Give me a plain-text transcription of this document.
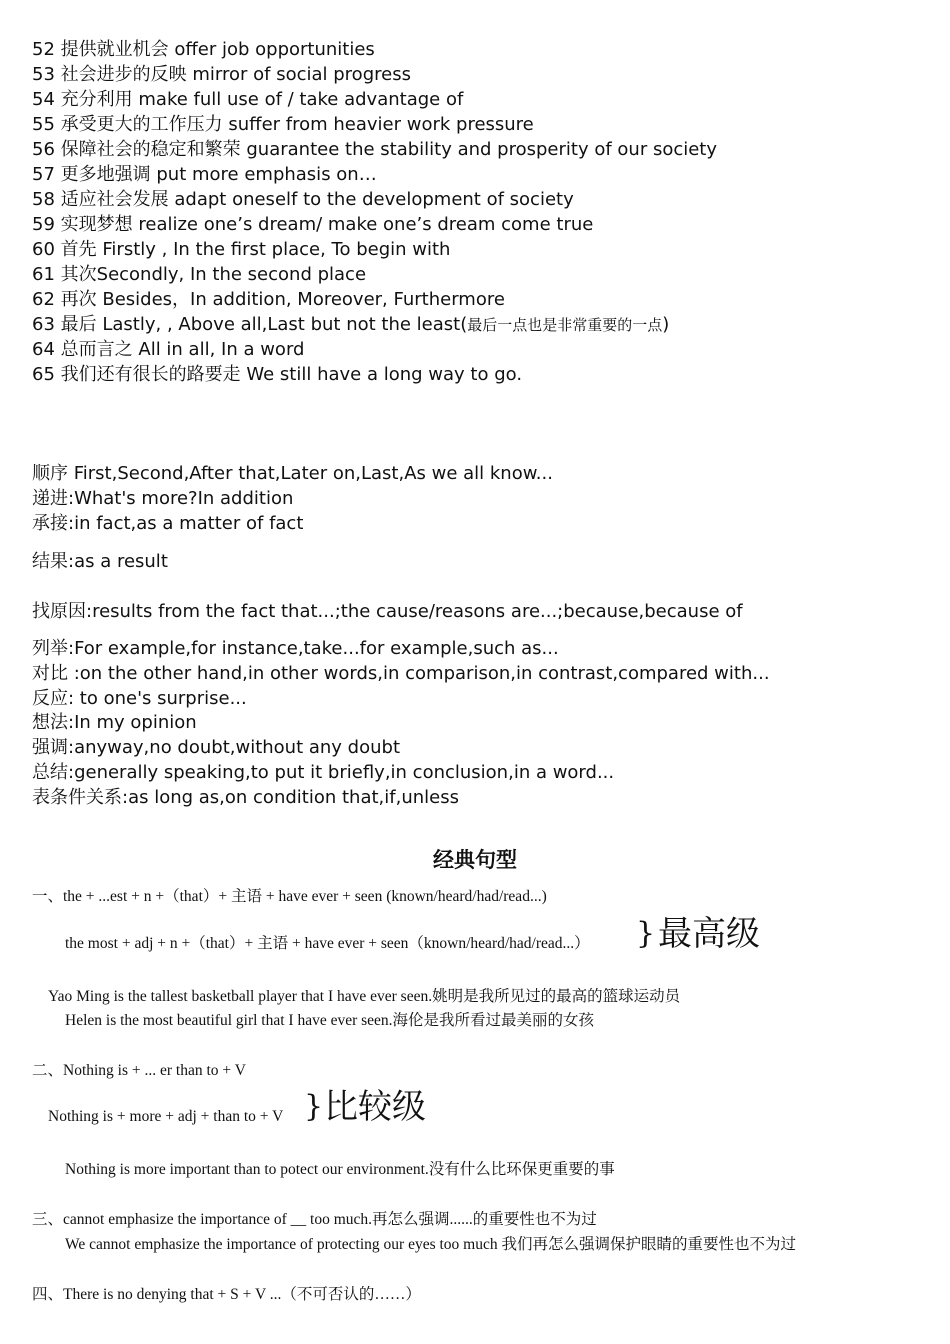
52 提供就业机会 offer job opportunities
53 社会进步的反映 mirror of social progress
54 充分利用 make full use of / take advantage of
55 承受更大的工作压力 suffer from heavier work pressure
56 保障社会的稳定和繁荣 guarantee the stability and prosperity of our society
57 更多地强调 put more emphasis on…
58 适应社会发展 adapt oneself to the development of society
59 实现梦想 realize one’s dream/ make one’s dream come true
60 首先 Firstly , In the first place, To begin with
61 其次Secondly, In the second place
62 再次 Besides，In addition, Moreover, Furthermore
63 最后 Lastly, , Above all,Last but not the least(最后一点也是非常重要的一点)
64 总而言之 All in all, In a word
65 我们还有很长的路要走 We still have a long way to go.
顺序 First,Second,After that,Later on,Last,As we all know...
递进:What's more?In addition
承接:in fact,as a matter of fact
结果:as a result
找原因:results from the fact that...;the cause/reasons are...;because,because of
列举:For example,for instance,take...for example,such as...
对比 :on the other hand,in other words,in comparison,in contrast,compared with...
反应: to one's surprise...
想法:In my opinion
强调:anyway,no doubt,without any doubt
总结:generally speaking,to put it briefly,in conclusion,in a word...
表条件关系:as long as,on condition that,if,unless
经典句型
一、the + ...est + n +（that）+ 主语 + have ever + seen (known/heard/had/read...)
the most + adj + n +（that）+ 主语 + have ever + seen（known/heard/had/read...） } 最高级
Yao Ming is the tallest basketball player that I have ever seen.姚明是我所见过的最高的篮球运动员
Helen is the most beautiful girl that I have ever seen.海伦是我所看过最美丽的女孩
二、Nothing is + ... er than to + V
Nothing is + more + adj + than to + V } 比较级
Nothing is more important than to potect our environment.没有什么比环保更重要的事
三、cannot emphasize the importance of __ too much.再怎么强调......的重要性也不为过
We cannot emphasize the importance of protecting our eyes too much 我们再怎么强调保护眼睛的重要性也不为过
四、There is no denying that + S + V ...（不可否认的……）
